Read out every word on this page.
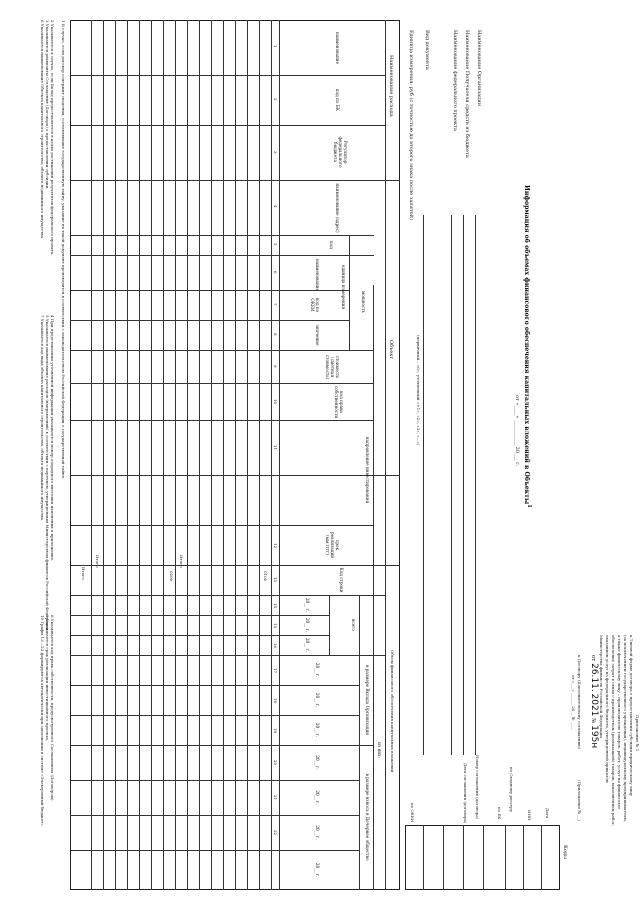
Приложение № 1
к Типовой форме договора о предоставлении субсидии юридическому лицу
(за исключением государственного учреждения), индивидуальному предпринимателю,
а также физическому лицу – производителю товаров, работ, услуг на финансовое
обеспечение затрат в связи с производством (реализацией) товаров, выполнением работ,
оказанием услуг из федерального бюджета, утвержденной приказом
Министерства финансов Российской Федерации
от 26.11. 2021 № 195н
к Договору (Дополнительному соглашению)
(Приложение № __)
от «___» ______ 20__ № ____
Информация об объемах финансового обеспечения капитальных вложений в Объекты$^1$
от «____» __________ 20___ г.
Наименование Организации
Наименование Получателя средств из бюджета
Наименование федерального проекта
Вид документа
(первичный – «0», уточненный «+1», «2», «3», «...»)
Единица измерения: руб (с точностью до второго знака после запятой)
Коды
Дата
ИНН
по Сводному реестру
по БК
Номер соглашения (договора)
Дата соглашения (договора)
по ОКЕИ
Наименование расхода
Объект
Объем финансового обеспечения капитальных вложений
наименование
код по БК
Регулятор федерального бюджета
наименование (адрес)
код
мощность
единица измерения
наименование
код по ОКЕИ
значение
стоимость (сметная стоимость)
код права собственности
направление инвестирования
срок реализации (мм.гггг)
Код строки
всего
из них:
в размере Вклада Организации
в размере взноса в Дочернее общество
20__ г.
20__ г.
20__ г.
20__ г.
20__ г.
20__ г.
20__ г.
20__ г.
20__ г.
20__ г.
1
2
3
4
5
6
7
8
9
10
11
12
13
14
15
16
17
18
19
20
21
22
0100
Итого
0200
Итого
Итого
1 В случае, если договор содержит сведения, составляющие государственную тайну, указание на такой документ производится в соответствии с законодательством Российской Федерации о государственной тайне.
2 Указывается в случае, если Вклад предоставляется в целях достижения результатов федерального проекта.
3 Указываются реквизиты Соглашения (Договора) о предоставлении субсидии.
4 При представлении уточненной информации указывается номер очередного внесения изменения в приложение.
5 Указывается наименование расходов (направлений) в соответствии с перечнем, утвержденным Министерством финансов Российской Федерации.
6 Указывается наименование Объекта капитального строительства, объекта недвижимого имущества.
7 Указывается код вида объекта капитального строительства, объекта недвижимого имущества.
8 Указывается код права собственности, предусмотренного Соглашением (Договором).
9 Указывается срок реализации инвестиционного проекта.
10 Графы 13 – 22 формируются автоматически при заполнении в системе «Электронный бюджет».
